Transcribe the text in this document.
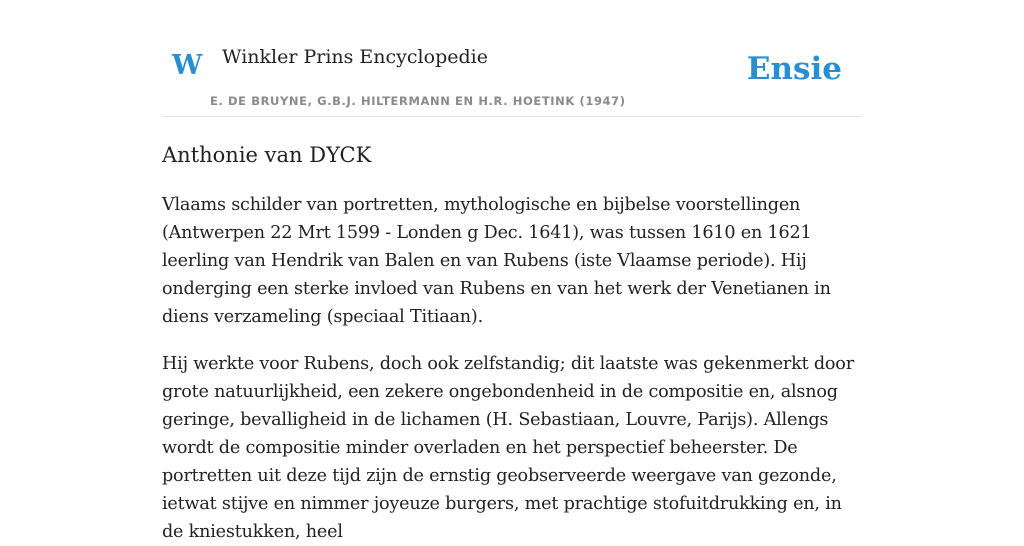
W Winkler Prins Encyclopedie
E. DE BRUYNE, G.B.J. HILTERMANN EN H.R. HOETINK (1947)
Ensie
Anthonie van DYCK

Vlaams schilder van portretten, mythologische en bijbelse voorstellingen (Antwerpen 22 Mrt 1599 - Londen g Dec. 1641), was tussen 1610 en 1621 leerling van Hendrik van Balen en van Rubens (iste Vlaamse periode). Hij onderging een sterke invloed van Rubens en van het werk der Venetianen in diens verzameling (speciaal Titiaan).

Hij werkte voor Rubens, doch ook zelfstandig; dit laatste was gekenmerkt door grote natuurlijkheid, een zekere ongebondenheid in de compositie en, alsnog geringe, bevalligheid in de lichamen (H. Sebastiaan, Louvre, Parijs). Allengs wordt de compositie minder overladen en het perspectief beheerster. De portretten uit deze tijd zijn de ernstig geobserveerde weergave van gezonde, ietwat stijve en nimmer joyeuze burgers, met prachtige stofuitdrukking en, in de kniestukken, heel
